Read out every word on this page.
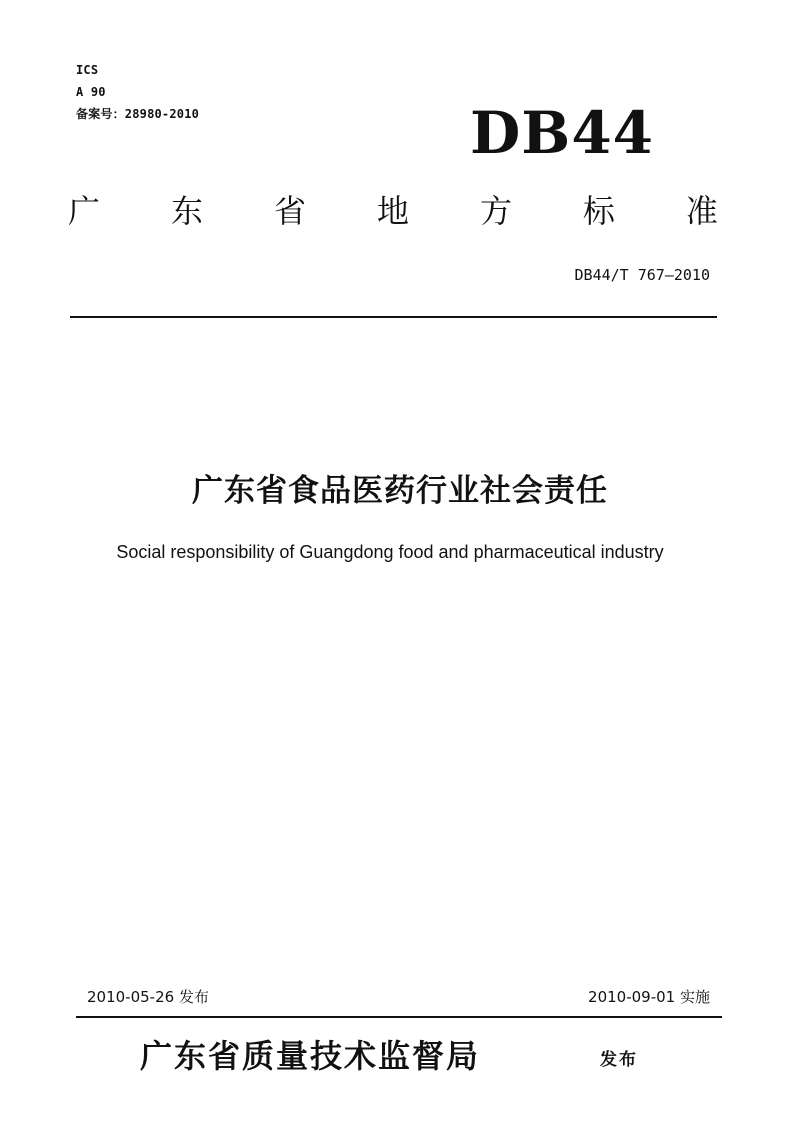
ICS
A 90
备案号：28980-2010	DB44
广 东 省 地 方 标 准
DB44/T 767—2010
广东省食品医药行业社会责任
Social responsibility of Guangdong food and pharmaceutical industry
2010-05-26 发布	2010-09-01 实施
广东省质量技术监督局	发布
